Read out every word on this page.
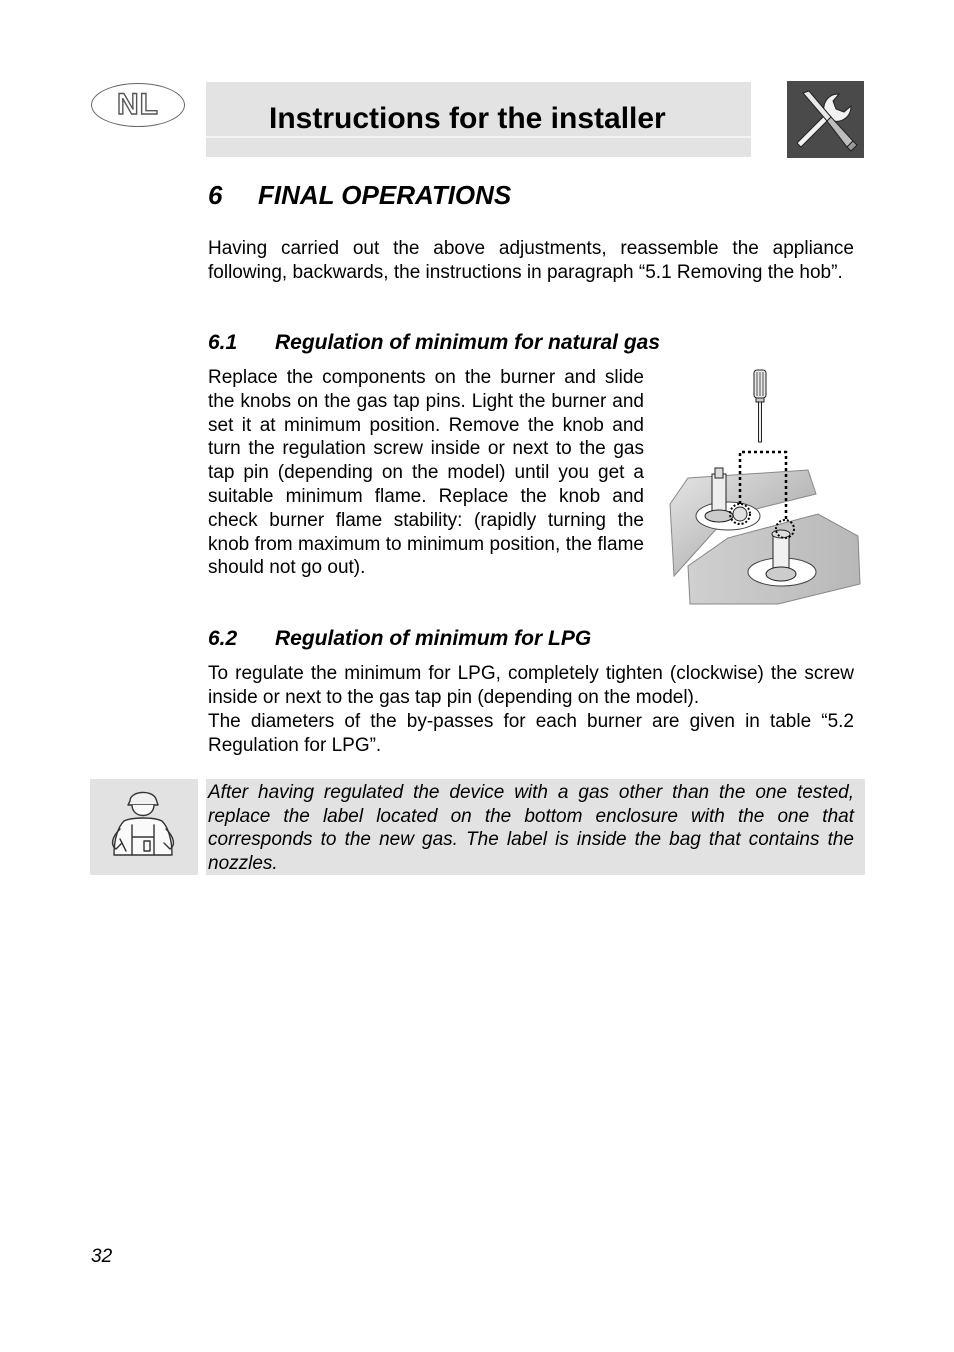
NL	Instructions for the installer
6 FINAL OPERATIONS

Having carried out the above adjustments, reassemble the appliance following, backwards, the instructions in paragraph “5.1 Removing the hob”.

6.1 Regulation of minimum for natural gas

Replace the components on the burner and slide the knobs on the gas tap pins. Light the burner and set it at minimum position. Remove the knob and turn the regulation screw inside or next to the gas tap pin (depending on the model) until you get a suitable minimum flame. Replace the knob and check burner flame stability: (rapidly turning the knob from maximum to minimum position, the flame should not go out).

6.2 Regulation of minimum for LPG

To regulate the minimum for LPG, completely tighten (clockwise) the screw inside or next to the gas tap pin (depending on the model).

The diameters of the by-passes for each burner are given in table “5.2 Regulation for LPG”.

After having regulated the device with a gas other than the one tested, replace the label located on the bottom enclosure with the one that corresponds to the new gas. The label is inside the bag that contains the nozzles.

32
